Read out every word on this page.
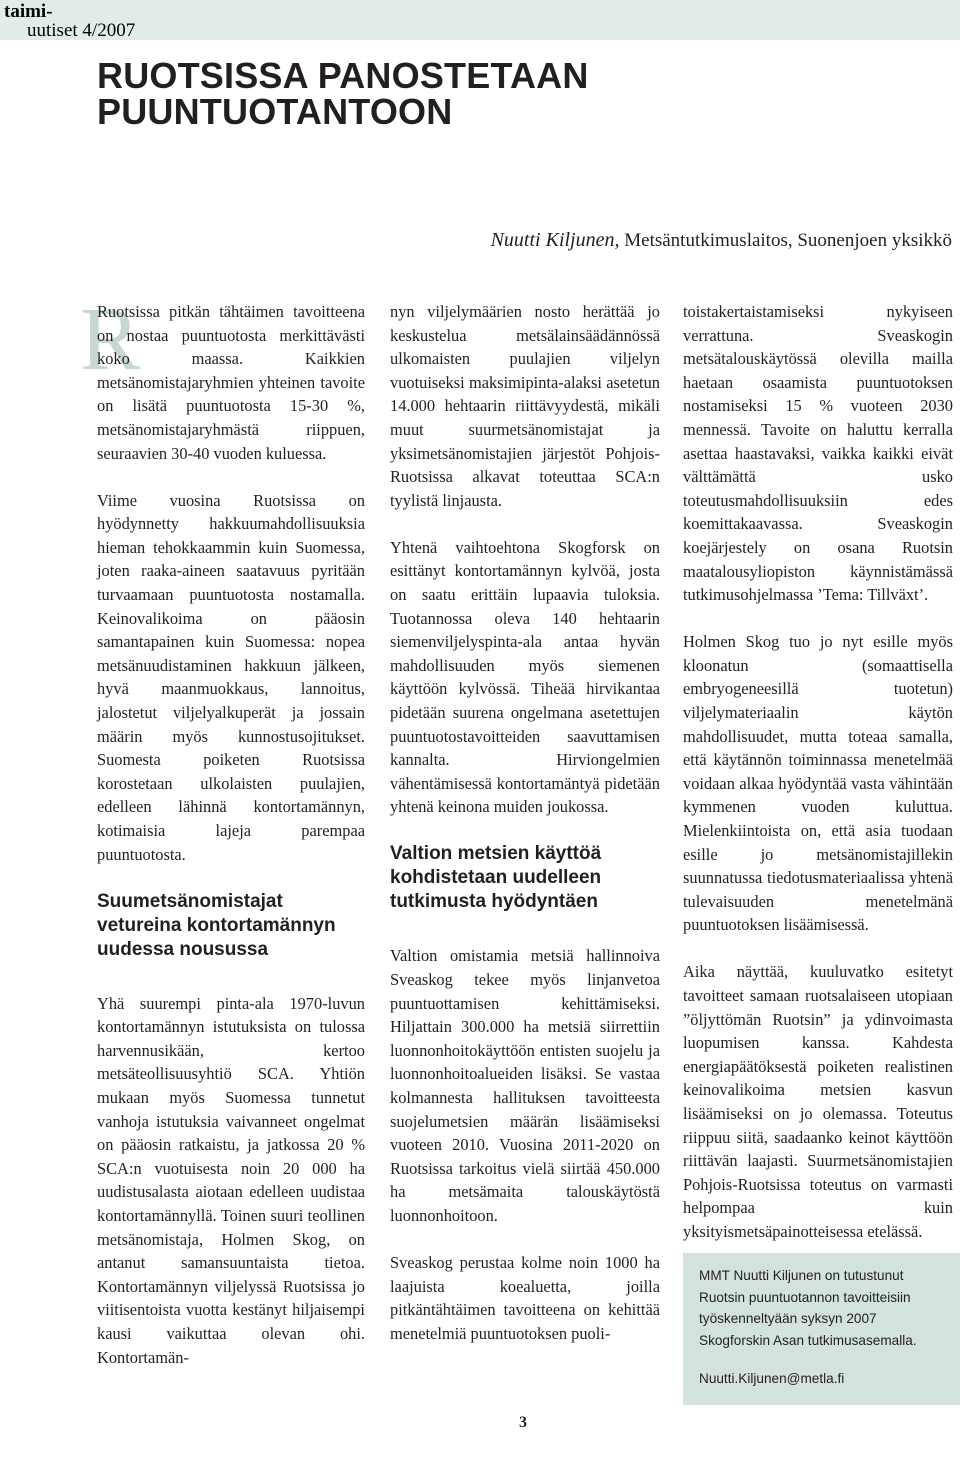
taimi-
uutiset 4/2007
RUOTSISSA PANOSTETAAN
PUUNTUOTANTOON
Nuutti Kiljunen, Metsäntutkimuslaitos, Suonenjoen yksikkö
R

Ruotsissa pitkän tähtäimen tavoitteena on nostaa puuntuotosta merkittävästi koko maassa. Kaikkien metsänomistajaryhmien yhteinen tavoite on lisätä puuntuotosta 15-30 %, metsänomistajaryhmästä riippuen, seuraavien 30-40 vuoden kuluessa.

Viime vuosina Ruotsissa on hyödynnetty hakkuumahdollisuuksia hieman tehokkaammin kuin Suomessa, joten raaka-aineen saatavuus pyritään turvaamaan puuntuotosta nostamalla. Keinovalikoima on pääosin samantapainen kuin Suomessa: nopea metsänuudistaminen hakkuun jälkeen, hyvä maanmuokkaus, lannoitus, jalostetut viljelyalkuperät ja jossain määrin myös kunnostusojitukset. Suomesta poiketen Ruotsissa korostetaan ulkolaisten puulajien, edelleen lähinnä kontortamännyn, kotimaisia lajeja parempaa puuntuotosta.

Suumetsänomistajat vetureina kontortamännyn uudessa nousussa

Yhä suurempi pinta-ala 1970-luvun kontortamännyn istutuksista on tulossa harvennusikään, kertoo metsäteollisuusyhtiö SCA. Yhtiön mukaan myös Suomessa tunnetut vanhoja istutuksia vaivanneet ongelmat on pääosin ratkaistu, ja jatkossa 20 % SCA:n vuotuisesta noin 20 000 ha uudistusalasta aiotaan edelleen uudistaa kontortamännyllä. Toinen suuri teollinen metsänomistaja, Holmen Skog, on antanut samansuuntaista tietoa. Kontortamännyn viljelyssä Ruotsissa jo viitisentoista vuotta kestänyt hiljaisempi kausi vaikuttaa olevan ohi. Kontortamän-

nyn viljelymäärien nosto herättää jo keskustelua metsälainsäädännössä ulkomaisten puulajien viljelyn vuotuiseksi maksimipinta-alaksi asetetun 14.000 hehtaarin riittävyydestä, mikäli muut suurmetsänomistajat ja yksimetsänomistajien järjestöt Pohjois-Ruotsissa alkavat toteuttaa SCA:n tyylistä linjausta.

Yhtenä vaihtoehtona Skogforsk on esittänyt kontortamännyn kylvöä, josta on saatu erittäin lupaavia tuloksia. Tuotannossa oleva 140 hehtaarin siemenviljelyspinta-ala antaa hyvän mahdollisuuden myös siemenen käyttöön kylvössä. Tiheää hirvikantaa pidetään suurena ongelmana asetettujen puuntuotostavoitteiden saavuttamisen kannalta. Hirviongelmien vähentämisessä kontortamäntyä pidetään yhtenä keinona muiden joukossa.

Valtion metsien käyttöä kohdistetaan uudelleen tutkimusta hyödyntäen

Valtion omistamia metsiä hallinnoiva Sveaskog tekee myös linjanvetoa puuntuottamisen kehittämiseksi. Hiljattain 300.000 ha metsiä siirrettiin luonnonhoitokäyttöön entisten suojelu ja luonnonhoitoalueiden lisäksi. Se vastaa kolmannesta hallituksen tavoitteesta suojelumetsien määrän lisäämiseksi vuoteen 2010. Vuosina 2011-2020 on Ruotsissa tarkoitus vielä siirtää 450.000 ha metsämaita talouskäytöstä luonnonhoitoon.

Sveaskog perustaa kolme noin 1000 ha laajuista koealuetta, joilla pitkäntähtäimen tavoitteena on kehittää menetelmiä puuntuotoksen puoli-

toistakertaistamiseksi nykyiseen verrattuna. Sveaskogin metsätalouskäytössä olevilla mailla haetaan osaamista puuntuotoksen nostamiseksi 15 % vuoteen 2030 mennessä. Tavoite on haluttu kerralla asettaa haastavaksi, vaikka kaikki eivät välttämättä usko toteutusmahdollisuuksiin edes koemittakaavassa. Sveaskogin koejärjestely on osana Ruotsin maatalousyliopiston käynnistämässä tutkimusohjelmassa ’Tema: Tillväxt’.

Holmen Skog tuo jo nyt esille myös kloonatun (somaattisella embryogeneesillä tuotetun) viljelymateriaalin käytön mahdollisuudet, mutta toteaa samalla, että käytännön toiminnassa menetelmää voidaan alkaa hyödyntää vasta vähintään kymmenen vuoden kuluttua. Mielenkiintoista on, että asia tuodaan esille jo metsänomistajillekin suunnatussa tiedotusmateriaalissa yhtenä tulevaisuuden menetelmänä puuntuotoksen lisäämisessä.

Aika näyttää, kuuluvatko esitetyt tavoitteet samaan ruotsalaiseen utopiaan ”öljyttömän Ruotsin” ja ydinvoimasta luopumisen kanssa. Kahdesta energiapäätöksestä poiketen realistinen keinovalikoima metsien kasvun lisäämiseksi on jo olemassa. Toteutus riippuu siitä, saadaanko keinot käyttöön riittävän laajasti. Suurmetsänomistajien Pohjois-Ruotsissa toteutus on varmasti helpompaa kuin yksityismetsäpainotteisessa etelässä.

MMT Nuutti Kiljunen on tutustunut Ruotsin puuntuotannon tavoitteisiin työskenneltyään syksyn 2007 Skogforskin Asan tutkimusasemalla.

Nuutti.Kiljunen@metla.fi

3
